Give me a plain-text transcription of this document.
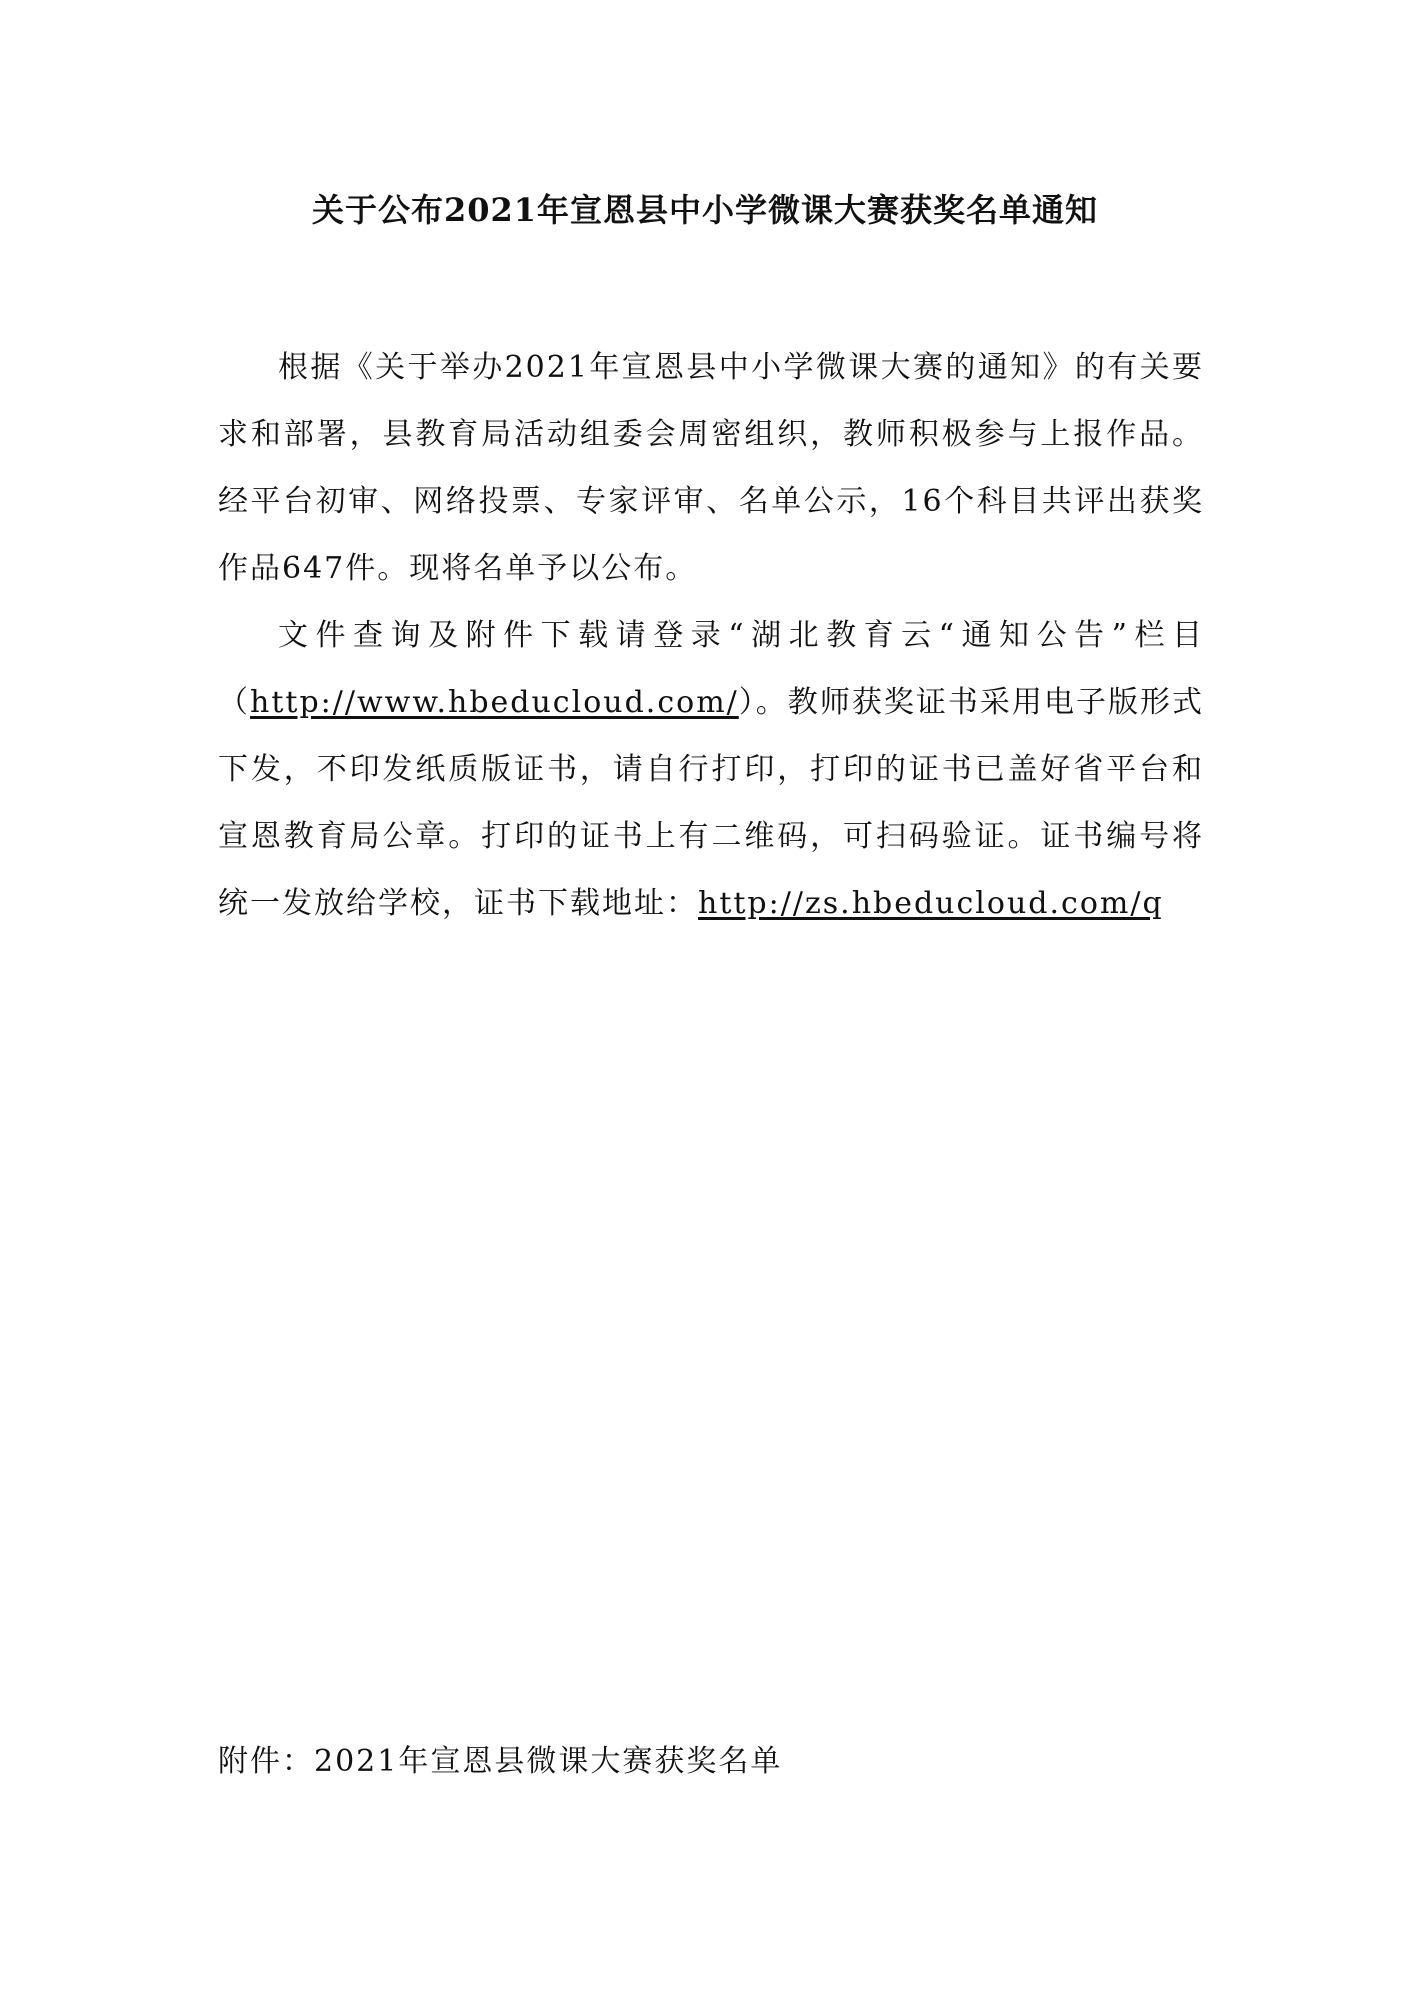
关于公布2021年宣恩县中小学微课大赛获奖名单通知

根据《关于举办2021年宣恩县中小学微课大赛的通知》的有关要求和部署，县教育局活动组委会周密组织，教师积极参与上报作品。经平台初审、网络投票、专家评审、名单公示，16个科目共评出获奖作品647件。现将名单予以公布。

文件查询及附件下载请登录“湖北教育云“通知公告”栏目（http://www.hbeducloud.com/）。教师获奖证书采用电子版形式下发，不印发纸质版证书，请自行打印，打印的证书已盖好省平台和宣恩教育局公章。打印的证书上有二维码，可扫码验证。证书编号将统一发放给学校，证书下载地址：http://zs.hbeducloud.com/q

附件：2021年宣恩县微课大赛获奖名单
